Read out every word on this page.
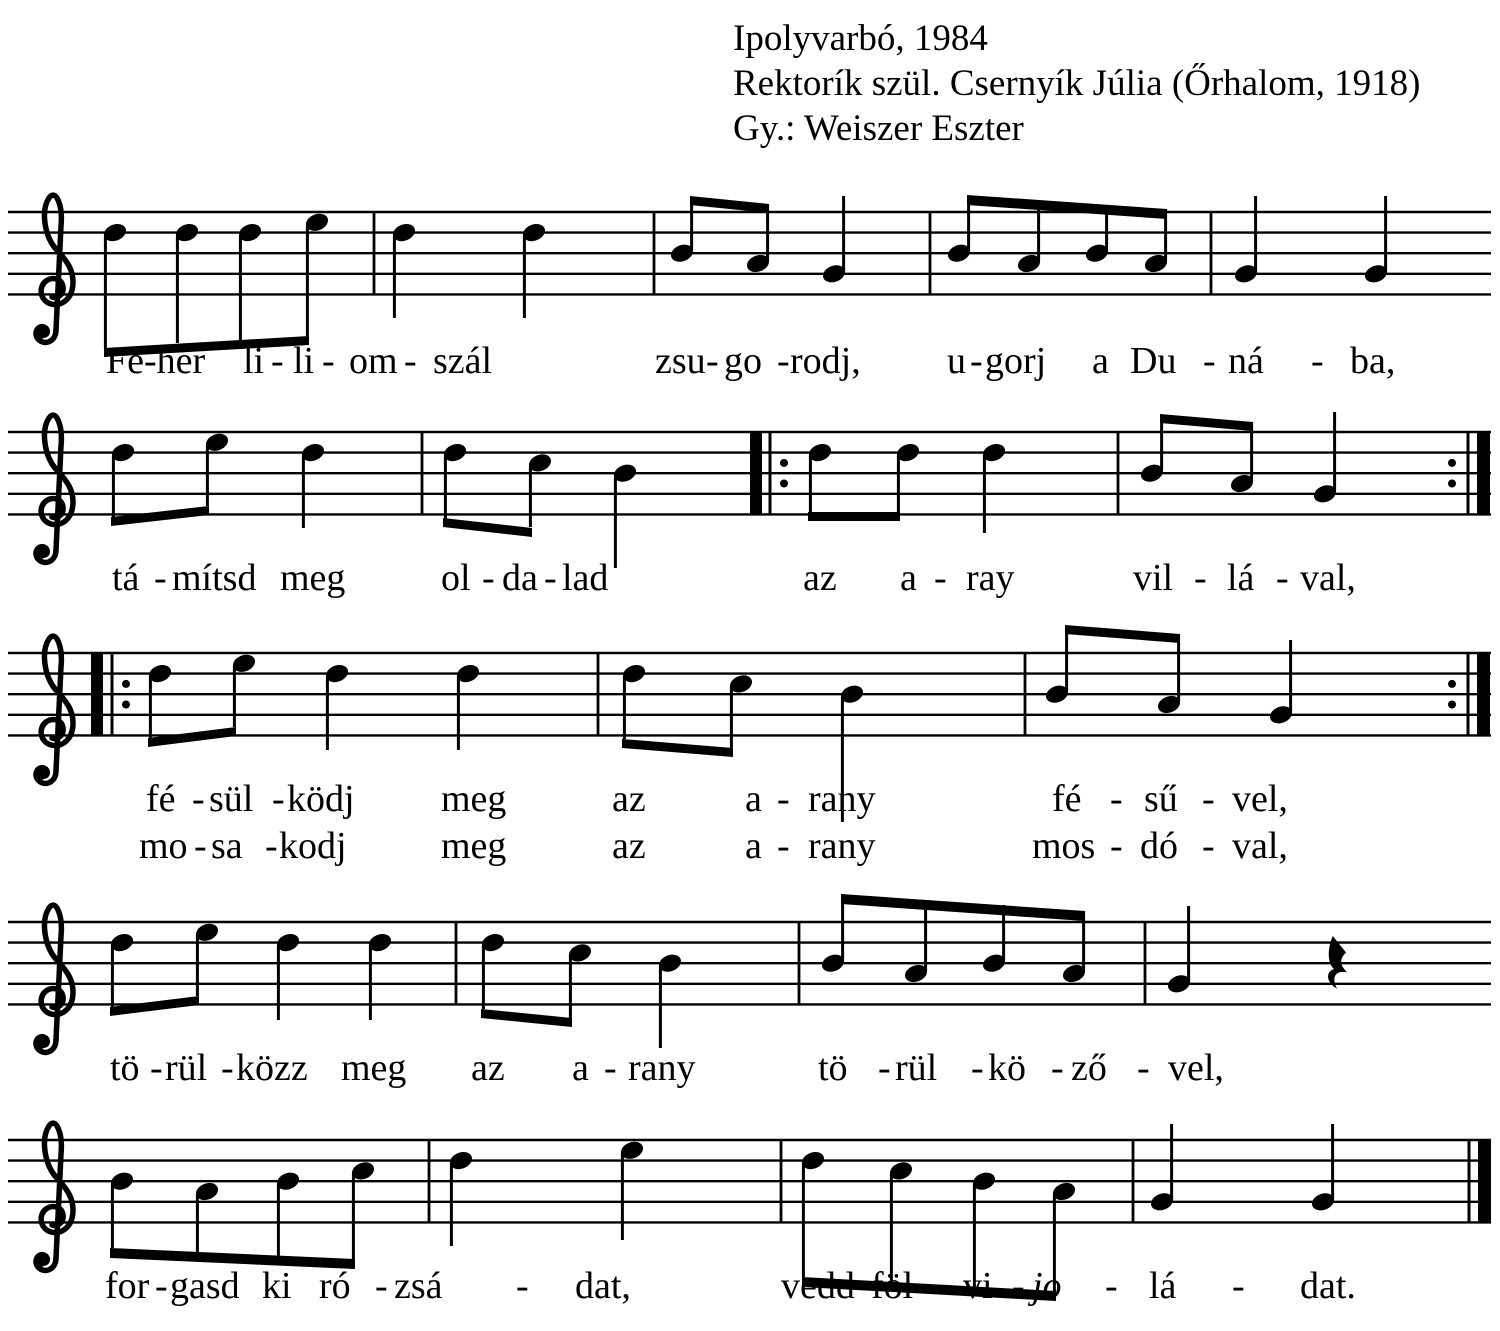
Ipolyvarbó, 1984
Rektorík szül. Csernyík Júlia (Őrhalom, 1918)
Gy.: Weiszer Eszter
Fe-hér li - li - om - szál	zsu - go - rodj, u - gorj a Du - ná - ba,
tá - mítsd meg	ol - da - lad	az a - ray	vil - lá - val,
fé - sül - ködj meg	az	a - rany	fé - sű - vel,
mo - sa - kodj meg	az	a - rany	mos - dó - val,
tö - rül - közz meg az a - rany	tö - rül - kö - ző - vel,
for - gasd ki ró - zsá - dat,	vedd föl vi - jo - lá - dat.
